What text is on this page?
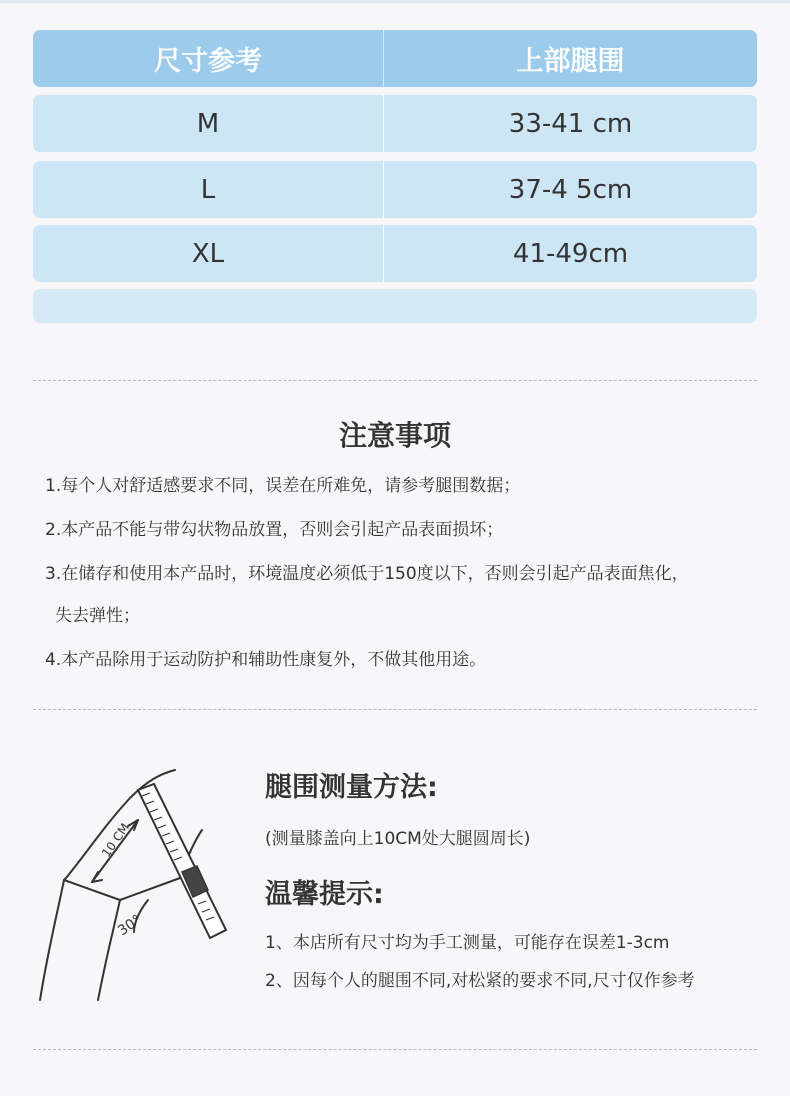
尺寸参考	上部腿围
M	33-41 cm
L	37-4 5cm
XL	41-49cm
注意事项
1.每个人对舒适感要求不同，误差在所难免，请参考腿围数据；
2.本产品不能与带勾状物品放置，否则会引起产品表面损坏；
3.在储存和使用本产品时，环境温度必须低于150度以下，否则会引起产品表面焦化，
失去弹性；
4.本产品除用于运动防护和辅助性康复外，不做其他用途。
10 CM
30°
腿围测量方法:
(测量膝盖向上10CM处大腿圆周长)
温馨提示:
1、本店所有尺寸均为手工测量，可能存在误差1-3cm
2、因每个人的腿围不同,对松紧的要求不同,尺寸仅作参考
